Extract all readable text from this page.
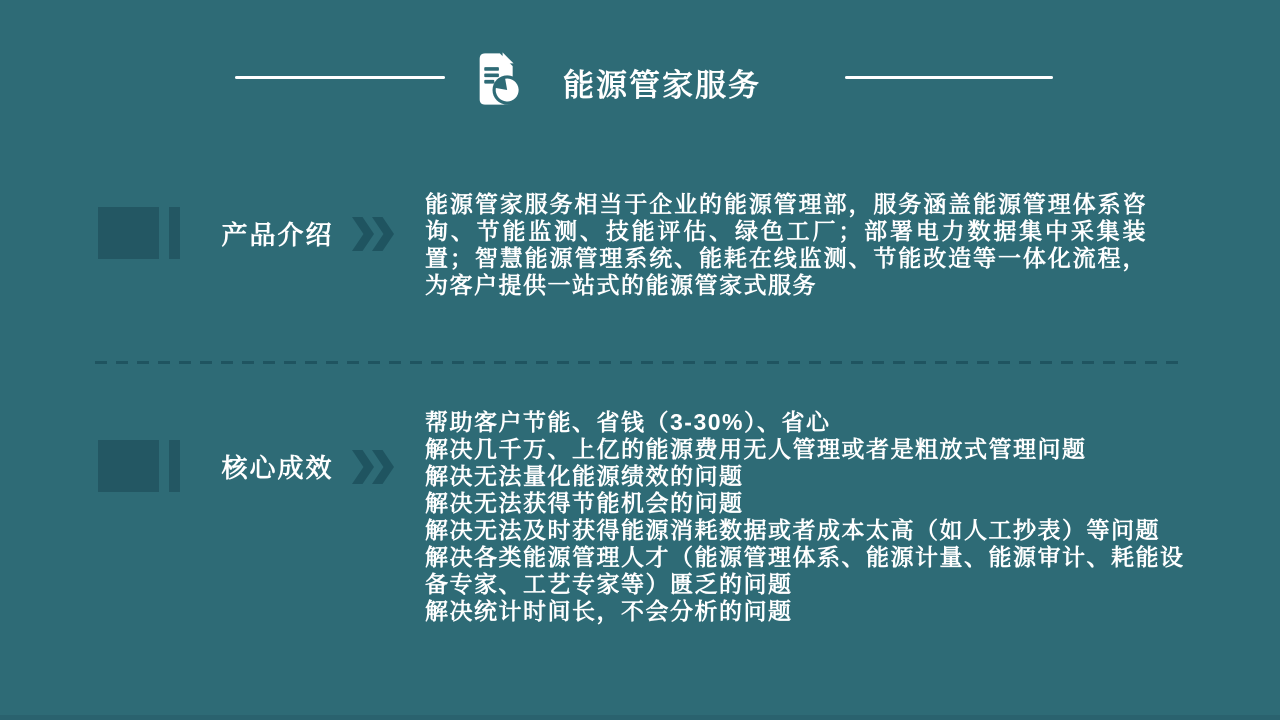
能源管家服务
产品介绍

能源管家服务相当于企业的能源管理部，服务涵盖能源管理体系咨询、节能监测、技能评估、绿色工厂；部署电力数据集中采集装置；智慧能源管理系统、能耗在线监测、节能改造等一体化流程，为客户提供一站式的能源管家式服务

核心成效
帮助客户节能、省钱（3-30%）、省心
解决几千万、上亿的能源费用无人管理或者是粗放式管理问题
解决无法量化能源绩效的问题
解决无法获得节能机会的问题
解决无法及时获得能源消耗数据或者成本太高（如人工抄表）等问题
解决各类能源管理人才（能源管理体系、能源计量、能源审计、耗能设备专家、工艺专家等）匮乏的问题
解决统计时间长，不会分析的问题
